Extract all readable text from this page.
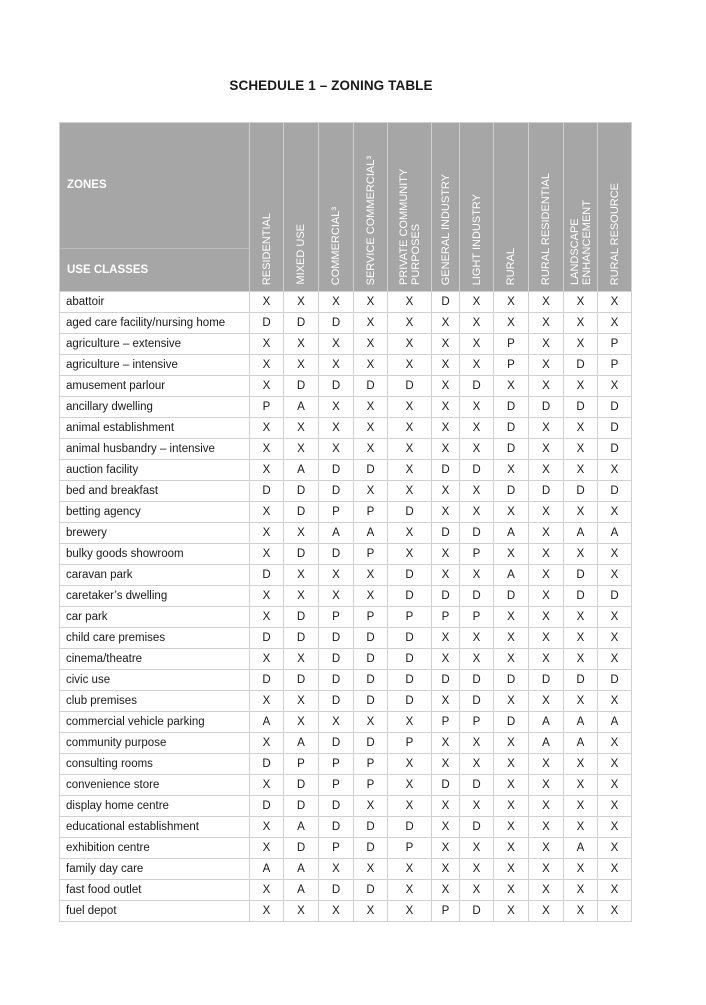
SCHEDULE 1 – ZONING TABLE
ZONES
USE CLASSES	RESIDENTIAL	MIXED USE	COMMERCIAL³	SERVICE COMMERCIAL³	PRIVATE COMMUNITY PURPOSES	GENERAL INDUSTRY	LIGHT INDUSTRY	RURAL	RURAL RESIDENTIAL	LANDSCAPE ENHANCEMENT	RURAL RESOURCE

abattoir	X	X	X	X	X	D	X	X	X	X	X
aged care facility/nursing home	D	D	D	X	X	X	X	X	X	X	X
agriculture – extensive	X	X	X	X	X	X	X	P	X	X	P
agriculture – intensive	X	X	X	X	X	X	X	P	X	D	P
amusement parlour	X	D	D	D	D	X	D	X	X	X	X
ancillary dwelling	P	A	X	X	X	X	X	D	D	D	D
animal establishment	X	X	X	X	X	X	X	D	X	X	D
animal husbandry – intensive	X	X	X	X	X	X	X	D	X	X	D
auction facility	X	A	D	D	X	D	D	X	X	X	X
bed and breakfast	D	D	D	X	X	X	X	D	D	D	D
betting agency	X	D	P	P	D	X	X	X	X	X	X
brewery	X	X	A	A	X	D	D	A	X	A	A
bulky goods showroom	X	D	D	P	X	X	P	X	X	X	X
caravan park	D	X	X	X	D	X	X	A	X	D	X
caretaker’s dwelling	X	X	X	X	D	D	D	D	X	D	D
car park	X	D	P	P	P	P	P	X	X	X	X
child care premises	D	D	D	D	D	X	X	X	X	X	X
cinema/theatre	X	X	D	D	D	X	X	X	X	X	X
civic use	D	D	D	D	D	D	D	D	D	D	D
club premises	X	X	D	D	D	X	D	X	X	X	X
commercial vehicle parking	A	X	X	X	X	P	P	D	A	A	A
community purpose	X	A	D	D	P	X	X	X	A	A	X
consulting rooms	D	P	P	P	X	X	X	X	X	X	X
convenience store	X	D	P	P	X	D	D	X	X	X	X
display home centre	D	D	D	X	X	X	X	X	X	X	X
educational establishment	X	A	D	D	D	X	D	X	X	X	X
exhibition centre	X	D	P	D	P	X	X	X	X	A	X
family day care	A	A	X	X	X	X	X	X	X	X	X
fast food outlet	X	A	D	D	X	X	X	X	X	X	X
fuel depot	X	X	X	X	X	P	D	X	X	X	X
